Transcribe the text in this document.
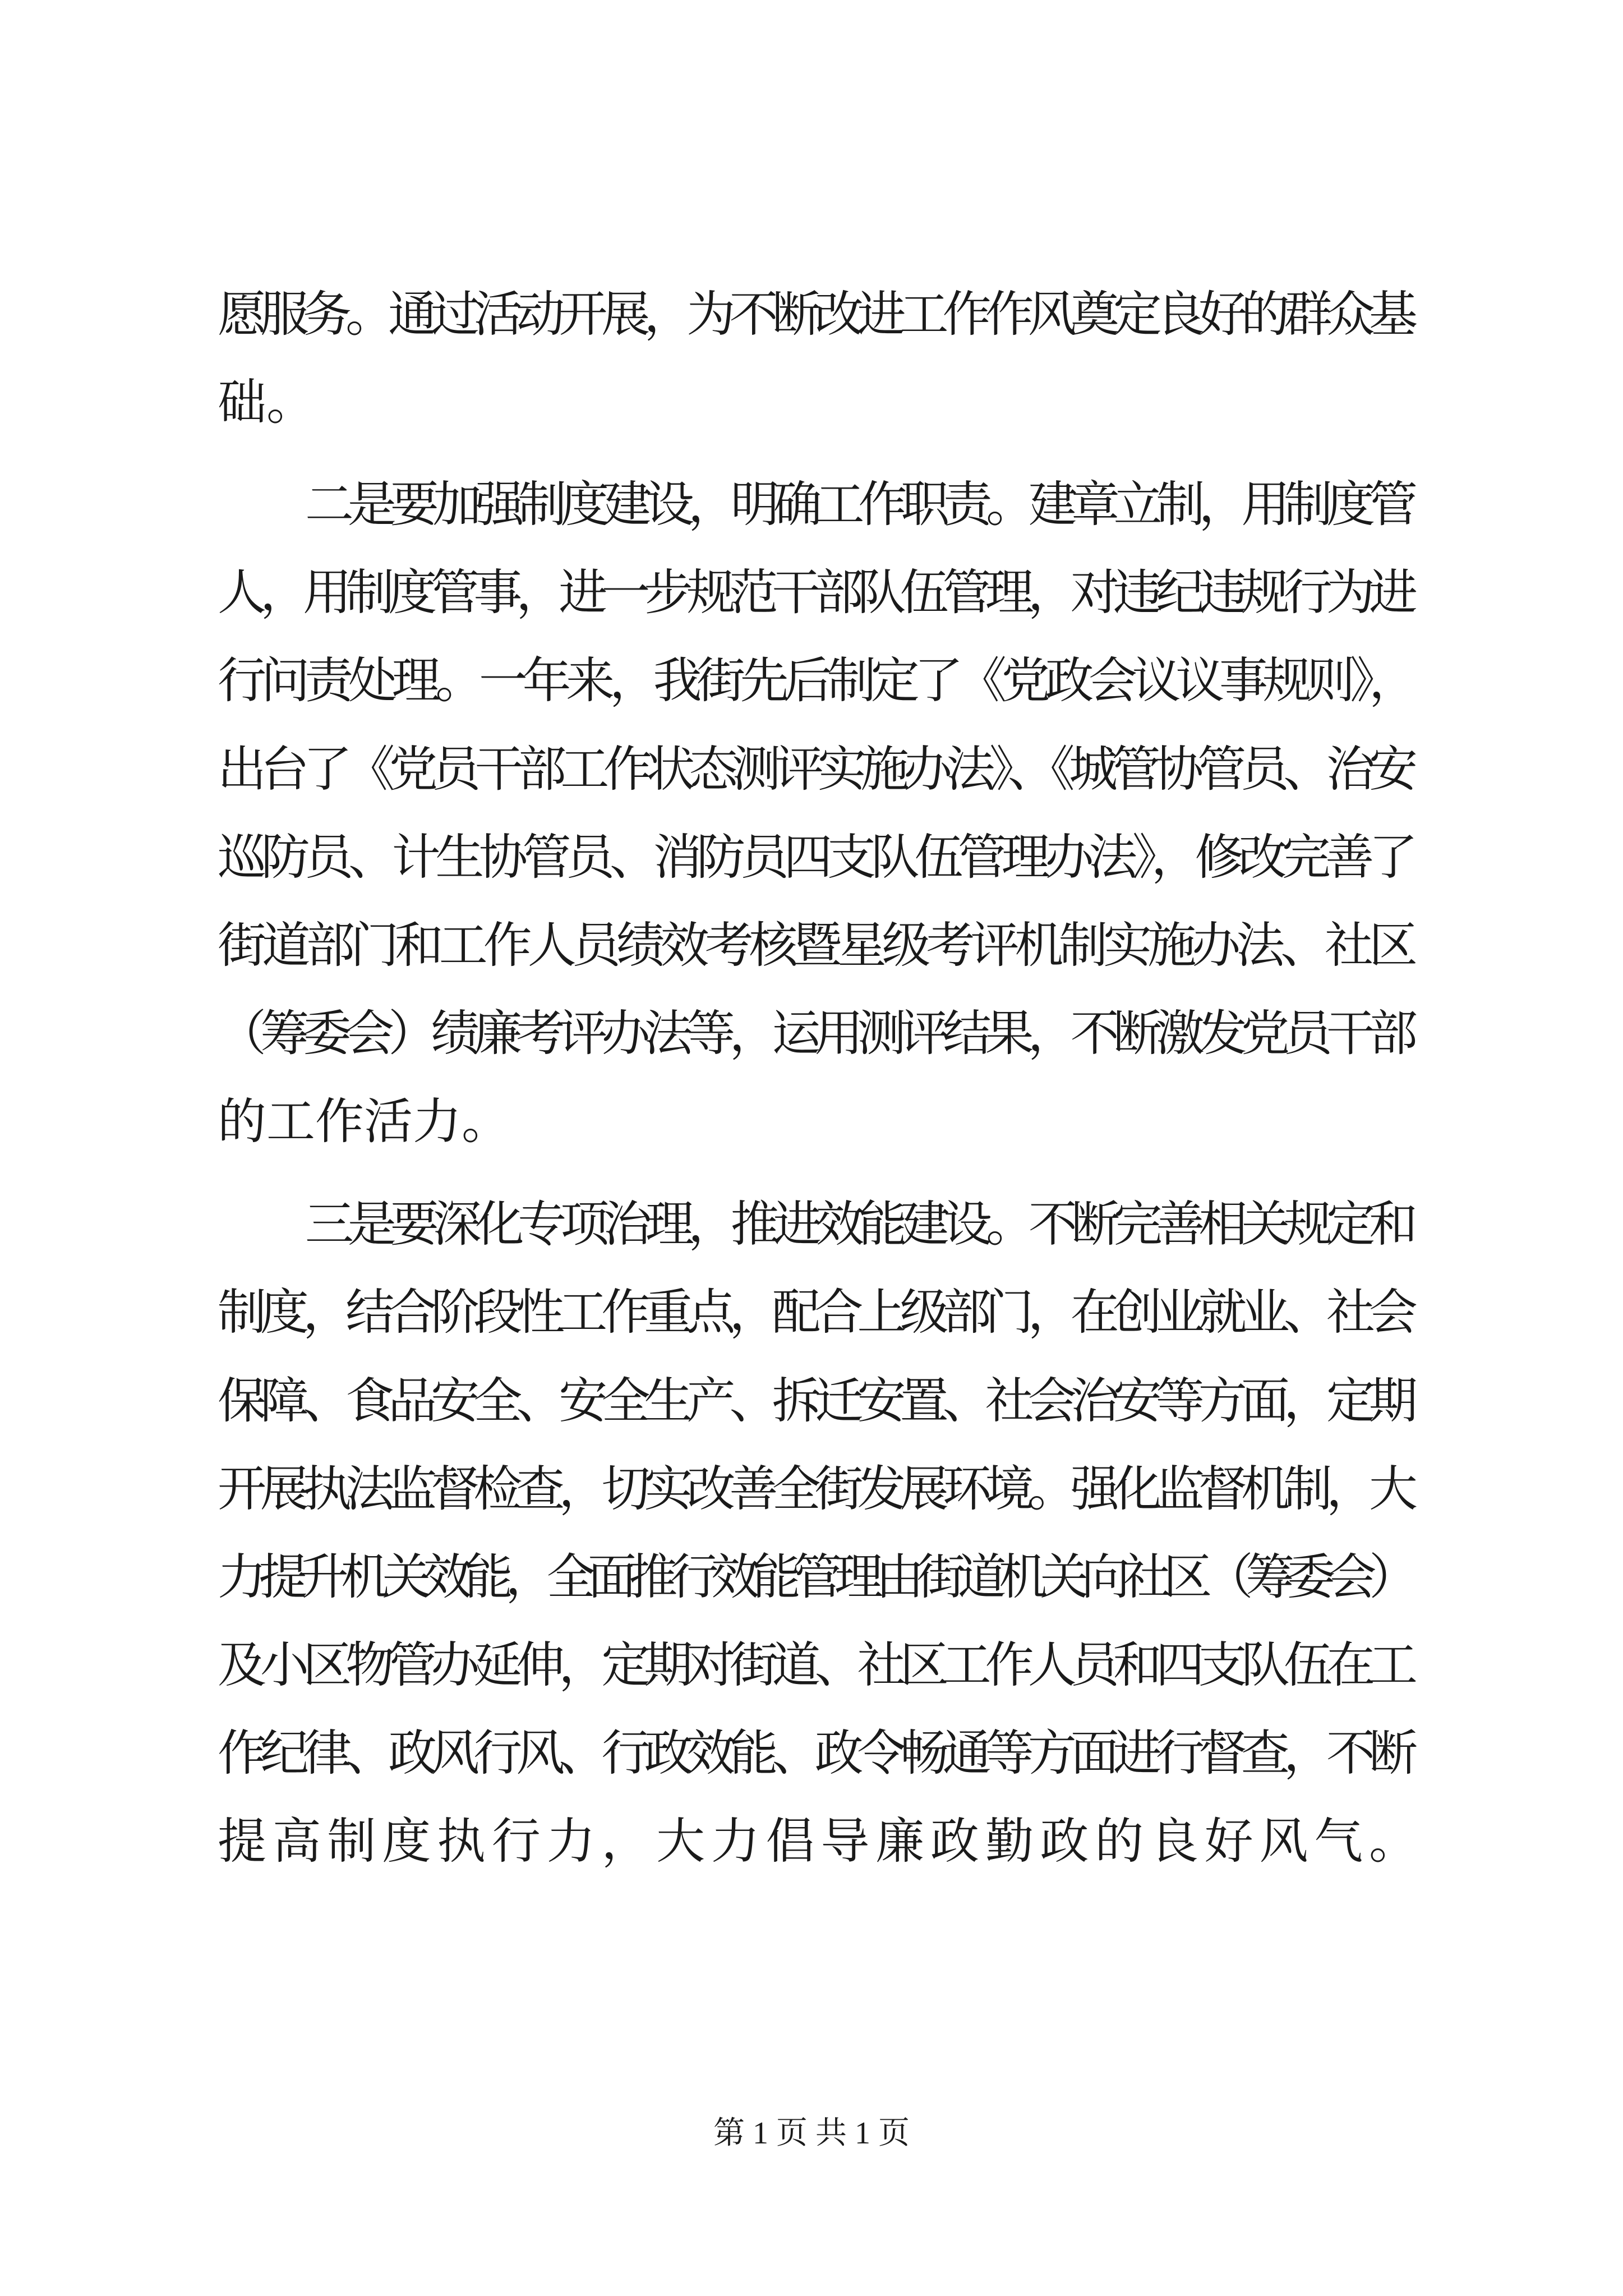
愿服务。通过活动开展，为不断改进工作作风奠定良好的群众基
础。
二是要加强制度建设，明确工作职责。建章立制，用制度管
人，用制度管事，进一步规范干部队伍管理，对违纪违规行为进
行问责处理。一年来，我街先后制定了《党政会议议事规则》，
出台了《党员干部工作状态测评实施办法》、《城管协管员、治安
巡防员、计生协管员、消防员四支队伍管理办法》，修改完善了
街道部门和工作人员绩效考核暨星级考评机制实施办法、社区
（筹委会）绩廉考评办法等，运用测评结果，不断激发党员干部
的工作活力。
三是要深化专项治理，推进效能建设。不断完善相关规定和
制度，结合阶段性工作重点，配合上级部门，在创业就业、社会
保障、食品安全、安全生产、拆迁安置、社会治安等方面，定期
开展执法监督检查，切实改善全街发展环境。强化监督机制，大
力提升机关效能，全面推行效能管理由街道机关向社区（筹委会）
及小区物管办延伸，定期对街道、社区工作人员和四支队伍在工
作纪律、政风行风、行政效能、政令畅通等方面进行督查，不断
提高制度执行力，大力倡导廉政勤政的良好风气。
第 1 页 共 1 页
